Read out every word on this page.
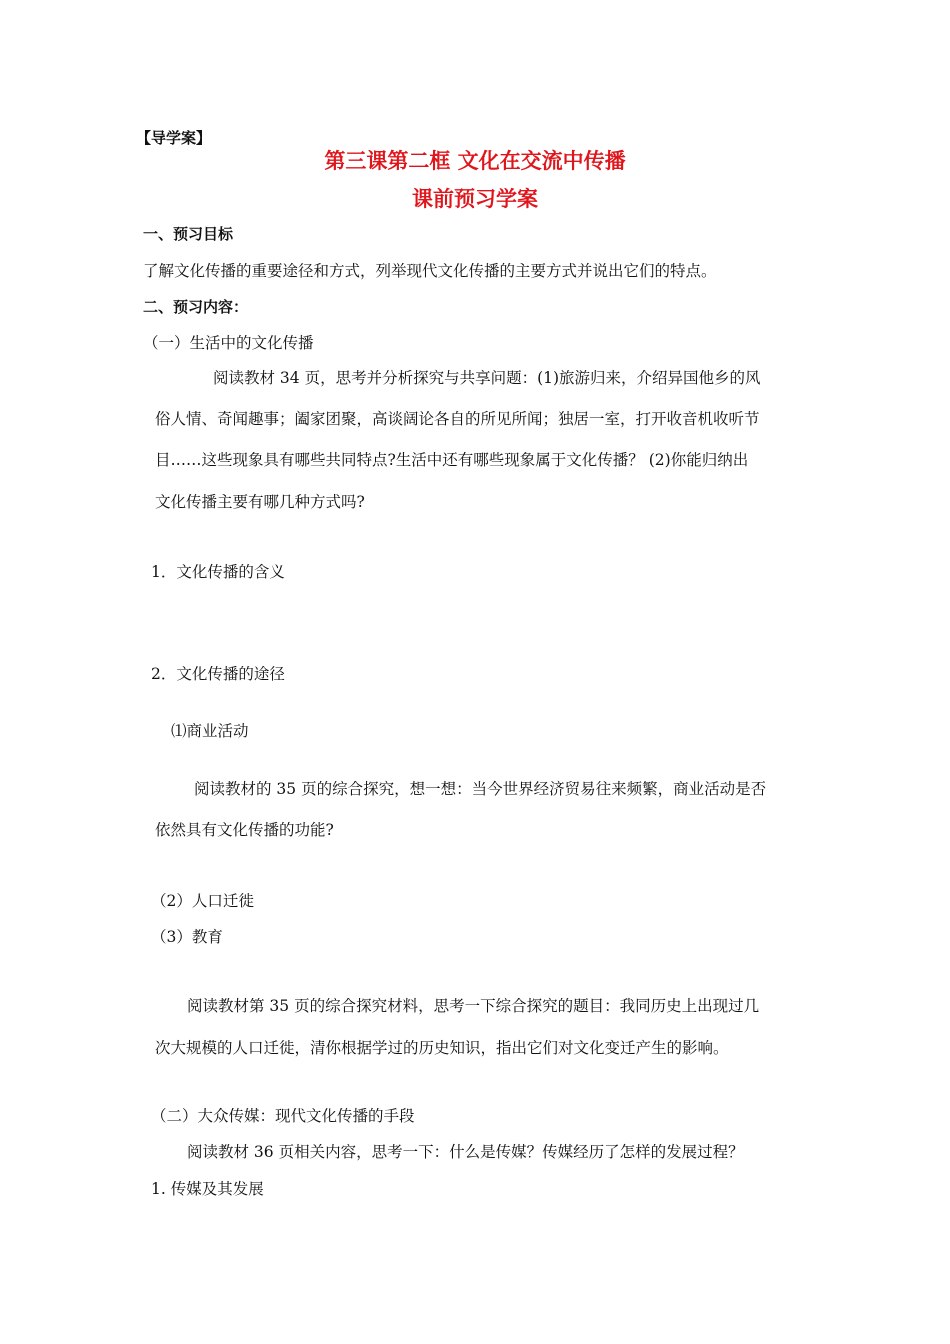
【导学案】
第三课第二框 文化在交流中传播
课前预习学案
一、预习目标
了解文化传播的重要途径和方式，列举现代文化传播的主要方式并说出它们的特点。
二、预习内容：
（一）生活中的文化传播
阅读教材 34 页，思考并分析探究与共享问题：(1)旅游归来，介绍异国他乡的风
俗人情、奇闻趣事；阖家团聚，高谈阔论各自的所见所闻；独居一室，打开收音机收听节
目……这些现象具有哪些共同特点?生活中还有哪些现象属于文化传播？ (2)你能归纳出
文化传播主要有哪几种方式吗?
1．文化传播的含义
2．文化传播的途径
⑴商业活动
阅读教材的 35 页的综合探究，想一想：当今世界经济贸易往来频繁，商业活动是否
依然具有文化传播的功能?
（2）人口迁徙
（3）教育
阅读教材第 35 页的综合探究材料，思考一下综合探究的题目：我同历史上出现过几
次大规模的人口迁徙，清你根据学过的历史知识，指出它们对文化变迁产生的影响。
（二）大众传媒：现代文化传播的手段
阅读教材 36 页相关内容，思考一下：什么是传媒？传媒经历了怎样的发展过程？
1. 传媒及其发展
